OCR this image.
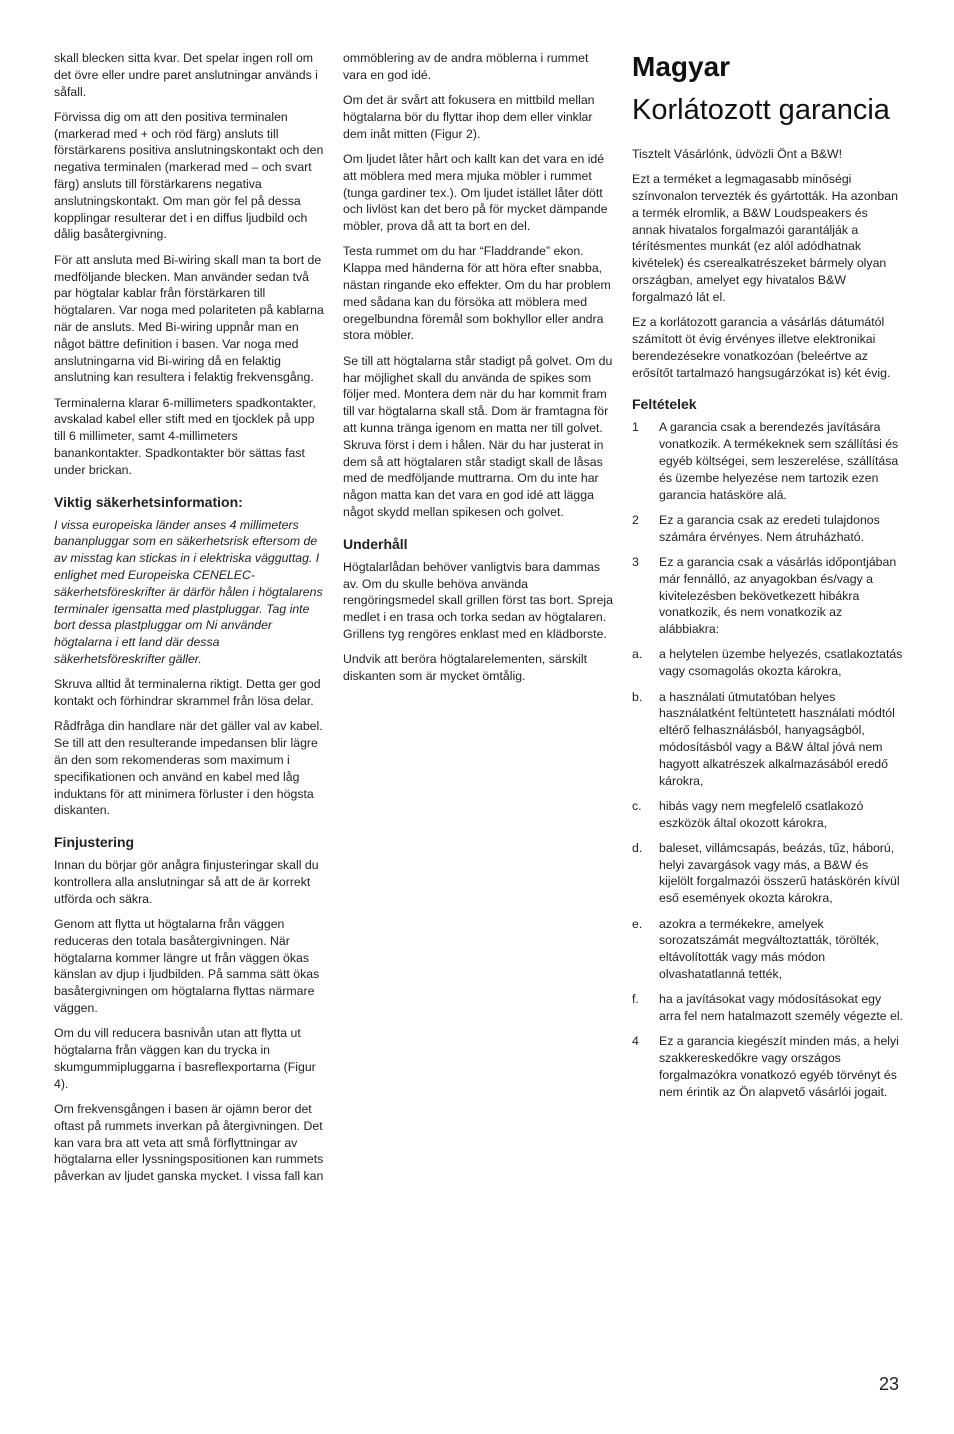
skall blecken sitta kvar. Det spelar ingen roll om det övre eller undre paret anslutningar används i såfall.

Förvissa dig om att den positiva terminalen (markerad med + och röd färg) ansluts till förstärkarens positiva anslutningskontakt och den negativa terminalen (markerad med – och svart färg) ansluts till förstärkarens negativa anslutningskontakt. Om man gör fel på dessa kopplingar resulterar det i en diffus ljudbild och dålig basåtergivning.

För att ansluta med Bi-wiring skall man ta bort de medföljande blecken. Man använder sedan två par högtalar kablar från förstärkaren till högtalaren. Var noga med polariteten på kablarna när de ansluts. Med Bi-wiring uppnår man en något bättre definition i basen. Var noga med anslutningarna vid Bi-wiring då en felaktig anslutning kan resultera i felaktig frekvensgång.

Terminalerna klarar 6-millimeters spadkontakter, avskalad kabel eller stift med en tjocklek på upp till 6 millimeter, samt 4-millimeters banankontakter. Spadkontakter bör sättas fast under brickan.

Viktig säkerhetsinformation:

I vissa europeiska länder anses 4 millimeters bananpluggar som en säkerhetsrisk eftersom de av misstag kan stickas in i elektriska vägguttag. I enlighet med Europeiska CENELEC-säkerhetsföreskrifter är därför hålen i högtalarens terminaler igensatta med plastpluggar. Tag inte bort dessa plastpluggar om Ni använder högtalarna i ett land där dessa säkerhetsföreskrifter gäller.

Skruva alltid åt terminalerna riktigt. Detta ger god kontakt och förhindrar skrammel från lösa delar.

Rådfråga din handlare när det gäller val av kabel. Se till att den resulterande impedansen blir lägre än den som rekomenderas som maximum i specifikationen och använd en kabel med låg induktans för att minimera förluster i den högsta diskanten.

Finjustering

Innan du börjar gör anågra finjusteringar skall du kontrollera alla anslutningar så att de är korrekt utförda och säkra.

Genom att flytta ut högtalarna från väggen reduceras den totala basåtergivningen. När högtalarna kommer längre ut från väggen ökas känslan av djup i ljudbilden. På samma sätt ökas basåtergivningen om högtalarna flyttas närmare väggen.

Om du vill reducera basnivån utan att flytta ut högtalarna från väggen kan du trycka in skumgummipluggarna i basreflexportarna (Figur 4).

Om frekvensgången i basen är ojämn beror det oftast på rummets inverkan på återgivningen. Det kan vara bra att veta att små förflyttningar av högtalarna eller lyssningspositionen kan rummets påverkan av ljudet ganska mycket. I vissa fall kan

ommöblering av de andra möblerna i rummet vara en god idé.

Om det är svårt att fokusera en mittbild mellan högtalarna bör du flyttar ihop dem eller vinklar dem inåt mitten (Figur 2).

Om ljudet låter hårt och kallt kan det vara en idé att möblera med mera mjuka möbler i rummet (tunga gardiner tex.). Om ljudet istället låter dött och livlöst kan det bero på för mycket dämpande möbler, prova då att ta bort en del.

Testa rummet om du har “Fladdrande” ekon. Klappa med händerna för att höra efter snabba, nästan ringande eko effekter. Om du har problem med sådana kan du försöka att möblera med oregelbundna föremål som bokhyllor eller andra stora möbler.

Se till att högtalarna står stadigt på golvet. Om du har möjlighet skall du använda de spikes som följer med. Montera dem när du har kommit fram till var högtalarna skall stå. Dom är framtagna för att kunna tränga igenom en matta ner till golvet. Skruva först i dem i hålen. När du har justerat in dem så att högtalaren står stadigt skall de låsas med de medföljande muttrarna. Om du inte har någon matta kan det vara en god idé att lägga något skydd mellan spikesen och golvet.

Underhåll

Högtalarlådan behöver vanligtvis bara dammas av. Om du skulle behöva använda rengöringsmedel skall grillen först tas bort. Spreja medlet i en trasa och torka sedan av högtalaren. Grillens tyg rengöres enklast med en klädborste.

Undvik att beröra högtalarelementen, särskilt diskanten som är mycket ömtålig.

Magyar
Korlátozott garancia

Tisztelt Vásárlónk, üdvözli Önt a B&W!

Ezt a terméket a legmagasabb minőségi színvonalon tervezték és gyártották. Ha azonban a termék elromlik, a B&W Loudspeakers és annak hivatalos forgalmazói garantálják a térítésmentes munkát (ez alól adódhatnak kivételek) és cserealkatrészeket bármely olyan országban, amelyet egy hivatalos B&W forgalmazó lát el.

Ez a korlátozott garancia a vásárlás dátumától számított öt évig érvényes illetve elektronikai berendezésekre vonatkozóan (beleértve az erősítőt tartalmazó hangsugárzókat is) két évig.

Feltételek
1	A garancia csak a berendezés javítására vonatkozik. A termékeknek sem szállítási és egyéb költségei, sem leszerelése, szállítása és üzembe helyezése nem tartozik ezen garancia hatásköre alá.
2	Ez a garancia csak az eredeti tulajdonos számára érvényes. Nem átruházható.
3	Ez a garancia csak a vásárlás időpontjában már fennálló, az anyagokban és/vagy a kivitelezésben bekövetkezett hibákra vonatkozik, és nem vonatkozik az alábbiakra:
a.	a helytelen üzembe helyezés, csatlakoztatás vagy csomagolás okozta károkra,
b.	a használati útmutatóban helyes használatként feltüntetett használati módtól eltérő felhasználásból, hanyagságból, módosításból vagy a B&W által jóvá nem hagyott alkatrészek alkalmazásából eredő károkra,
c.	hibás vagy nem megfelelő csatlakozó eszközök által okozott károkra,
d.	baleset, villámcsapás, beázás, tűz, háború, helyi zavargások vagy más, a B&W és kijelölt forgalmazói összerű hatáskörén kívül eső események okozta károkra,
e.	azokra a termékekre, amelyek sorozatszámát megváltoztatták, törölték, eltávolították vagy más módon olvashatatlanná tették,
f.	ha a javításokat vagy módosításokat egy arra fel nem hatalmazott személy végezte el.
4	Ez a garancia kiegészít minden más, a helyi szakkereskedőkre vagy országos forgalmazókra vonatkozó egyéb törvényt és nem érintik az Ön alapvető vásárlói jogait.
23
